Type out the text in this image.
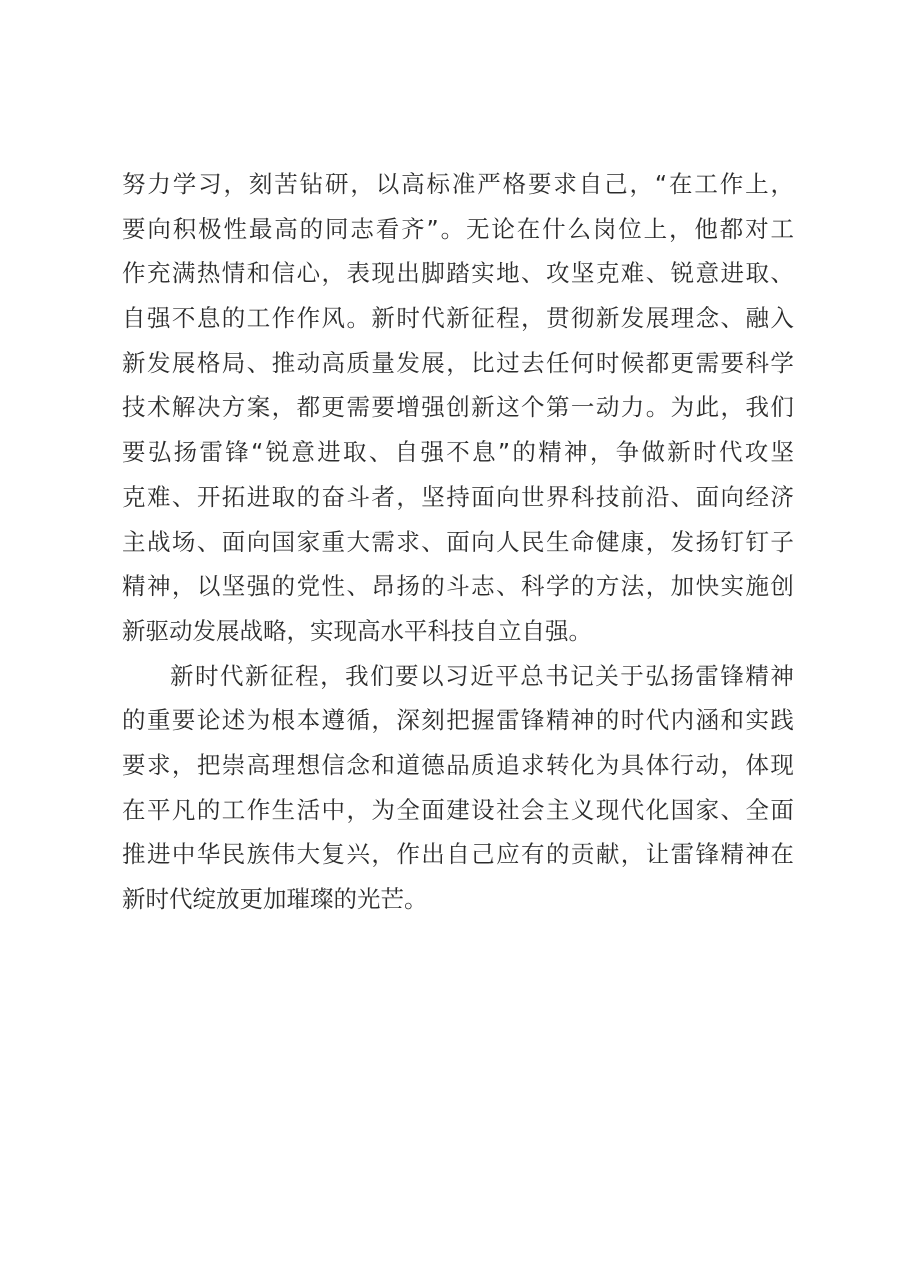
努 力 学 习 ， 刻 苦 钻 研 ， 以 高 标 准 严 格 要 求 自 己 ， “ 在 工 作 上 ，
要 向 积 极 性 最 高 的 同 志 看 齐 ” 。 无 论 在 什 么 岗 位 上 ， 他 都 对 工
作 充 满 热 情 和 信 心 ， 表 现 出 脚 踏 实 地 、 攻 坚 克 难 、 锐 意 进 取 、
自 强 不 息 的 工 作 作 风 。 新 时 代 新 征 程 ， 贯 彻 新 发 展 理 念 、 融 入
新 发 展 格 局 、 推 动 高 质 量 发 展 ， 比 过 去 任 何 时 候 都 更 需 要 科 学
技 术 解 决 方 案 ， 都 更 需 要 增 强 创 新 这 个 第 一 动 力 。 为 此 ， 我 们
要 弘 扬 雷 锋 “ 锐 意 进 取 、 自 强 不 息 ” 的 精 神 ， 争 做 新 时 代 攻 坚
克 难 、 开 拓 进 取 的 奋 斗 者 ， 坚 持 面 向 世 界 科 技 前 沿 、 面 向 经 济
主 战 场 、 面 向 国 家 重 大 需 求 、 面 向 人 民 生 命 健 康 ， 发 扬 钉 钉 子
精 神 ， 以 坚 强 的 党 性 、 昂 扬 的 斗 志 、 科 学 的 方 法 ， 加 快 实 施 创
新驱动发展战略，实现高水平科技自立自强。
新 时 代 新 征 程 ， 我 们 要 以 习 近 平 总 书 记 关 于 弘 扬 雷 锋 精 神
的 重 要 论 述 为 根 本 遵 循 ， 深 刻 把 握 雷 锋 精 神 的 时 代 内 涵 和 实 践
要 求 ， 把 崇 高 理 想 信 念 和 道 德 品 质 追 求 转 化 为 具 体 行 动 ， 体 现
在 平 凡 的 工 作 生 活 中 ， 为 全 面 建 设 社 会 主 义 现 代 化 国 家 、 全 面
推 进 中 华 民 族 伟 大 复 兴 ， 作 出 自 己 应 有 的 贡 献 ， 让 雷 锋 精 神 在
新时代绽放更加璀璨的光芒。
